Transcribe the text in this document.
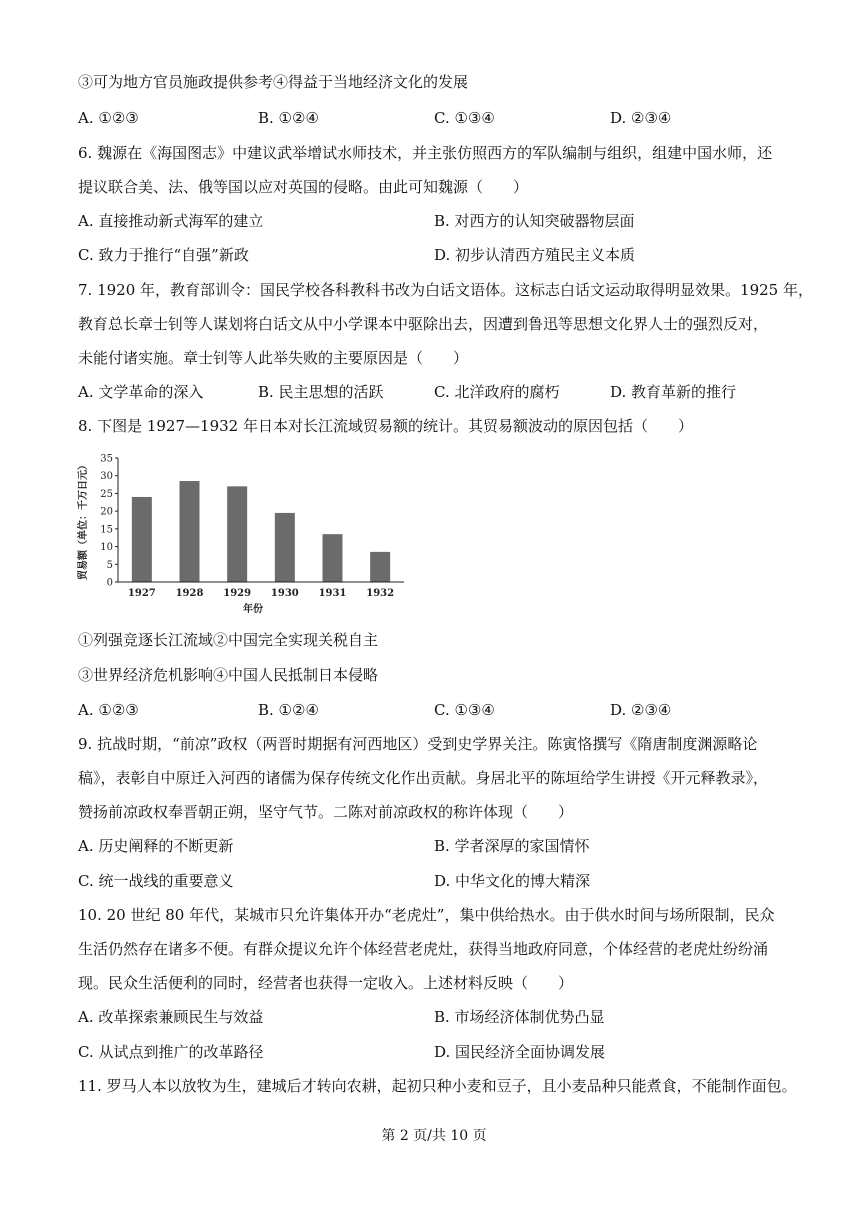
③可为地方官员施政提供参考④得益于当地经济文化的发展
A. ①②③	B. ①②④	C. ①③④	D. ②③④
6. 魏源在《海国图志》中建议武举增试水师技术，并主张仿照西方的军队编制与组织，组建中国水师，还
提议联合美、法、俄等国以应对英国的侵略。由此可知魏源（　　）
A. 直接推动新式海军的建立	B. 对西方的认知突破器物层面
C. 致力于推行“自强”新政	D. 初步认清西方殖民主义本质
7. 1920 年，教育部训令：国民学校各科教科书改为白话文语体。这标志白话文运动取得明显效果。1925 年，
教育总长章士钊等人谋划将白话文从中小学课本中驱除出去，因遭到鲁迅等思想文化界人士的强烈反对，
未能付诸实施。章士钊等人此举失败的主要原因是（　　）
A. 文学革命的深入	B. 民主思想的活跃	C. 北洋政府的腐朽	D. 教育革新的推行
8. 下图是 1927—1932 年日本对长江流域贸易额的统计。其贸易额波动的原因包括（　　）
0
5
10
15
20
25
30
35
1927 1928 1929 1930 1931 1932
贸易额（单位：千万日元）
年份
①列强竞逐长江流域②中国完全实现关税自主
③世界经济危机影响④中国人民抵制日本侵略
A. ①②③	B. ①②④	C. ①③④	D. ②③④
9. 抗战时期，“前凉”政权（两晋时期据有河西地区）受到史学界关注。陈寅恪撰写《隋唐制度渊源略论
稿》，表彰自中原迁入河西的诸儒为保存传统文化作出贡献。身居北平的陈垣给学生讲授《开元释教录》，
赞扬前凉政权奉晋朝正朔，坚守气节。二陈对前凉政权的称许体现（　　）
A. 历史阐释的不断更新	B. 学者深厚的家国情怀
C. 统一战线的重要意义	D. 中华文化的博大精深
10. 20 世纪 80 年代，某城市只允许集体开办“老虎灶”，集中供给热水。由于供水时间与场所限制，民众
生活仍然存在诸多不便。有群众提议允许个体经营老虎灶，获得当地政府同意，个体经营的老虎灶纷纷涌
现。民众生活便利的同时，经营者也获得一定收入。上述材料反映（　　）
A. 改革探索兼顾民生与效益	B. 市场经济体制优势凸显
C. 从试点到推广的改革路径	D. 国民经济全面协调发展
11. 罗马人本以放牧为生，建城后才转向农耕，起初只种小麦和豆子，且小麦品种只能煮食，不能制作面包。
第 2 页/共 10 页
